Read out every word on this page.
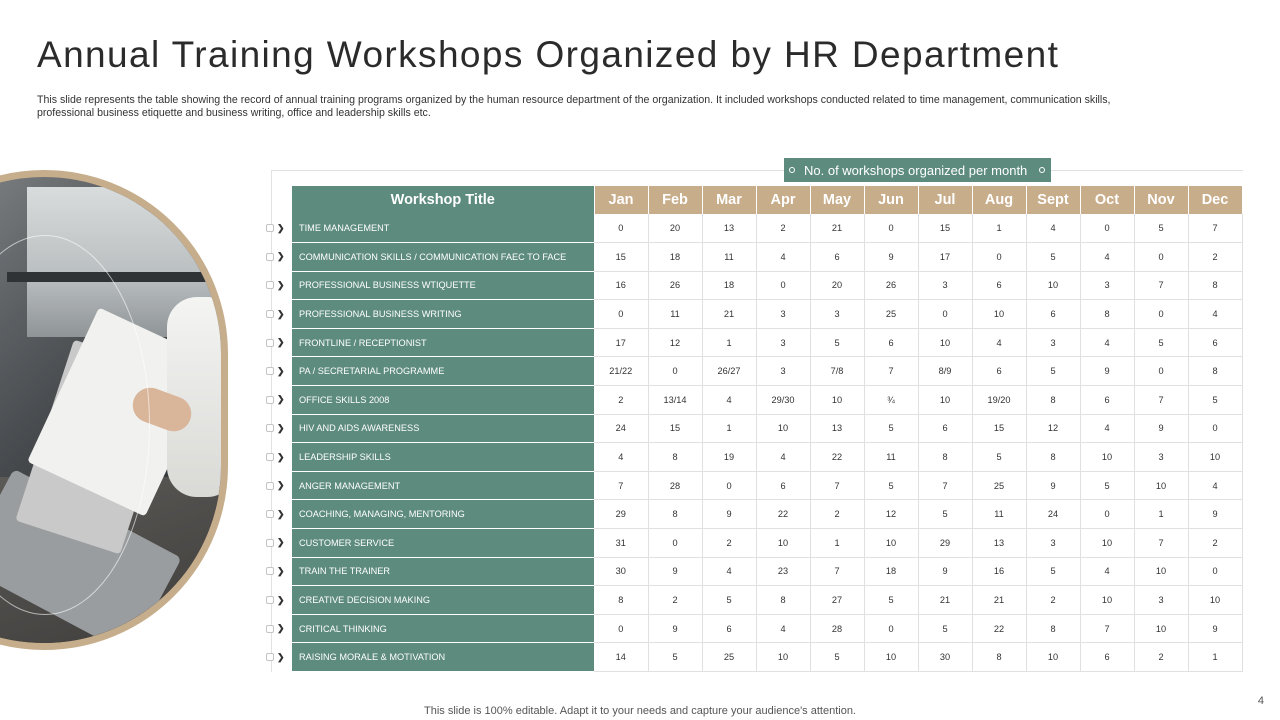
Annual Training Workshops Organized by HR Department

This slide represents the table showing the record of annual training programs organized by the human resource department of the organization. It included workshops conducted related to time management, communication skills, professional business etiquette and business writing, office and leadership skills etc.

No. of workshops organized per month
❯
❯
❯
❯
❯
❯
❯
❯
❯
❯
❯
❯
❯
❯
❯
❯
Workshop Title	Jan	Feb	Mar	Apr	May	Jun	Jul	Aug	Sept	Oct	Nov	Dec
TIME MANAGEMENT	0	20	13	2	21	0	15	1	4	0	5	7
COMMUNICATION SKILLS / COMMUNICATION FAEC TO FACE	15	18	11	4	6	9	17	0	5	4	0	2
PROFESSIONAL BUSINESS WTIQUETTE	16	26	18	0	20	26	3	6	10	3	7	8
PROFESSIONAL BUSINESS WRITING	0	11	21	3	3	25	0	10	6	8	0	4
FRONTLINE / RECEPTIONIST	17	12	1	3	5	6	10	4	3	4	5	6
PA / SECRETARIAL PROGRAMME	21/22	0	26/27	3	7/8	7	8/9	6	5	9	0	8
OFFICE SKILLS 2008	2	13/14	4	29/30	10	¾	10	19/20	8	6	7	5
HIV AND AIDS AWARENESS	24	15	1	10	13	5	6	15	12	4	9	0
LEADERSHIP SKILLS	4	8	19	4	22	11	8	5	8	10	3	10
ANGER MANAGEMENT	7	28	0	6	7	5	7	25	9	5	10	4
COACHING, MANAGING, MENTORING	29	8	9	22	2	12	5	11	24	0	1	9
CUSTOMER SERVICE	31	0	2	10	1	10	29	13	3	10	7	2
TRAIN THE TRAINER	30	9	4	23	7	18	9	16	5	4	10	0
CREATIVE DECISION MAKING	8	2	5	8	27	5	21	21	2	10	3	10
CRITICAL THINKING	0	9	6	4	28	0	5	22	8	7	10	9
RAISING MORALE & MOTIVATION	14	5	25	10	5	10	30	8	10	6	2	1
This slide is 100% editable. Adapt it to your needs and capture your audience's attention.
4
